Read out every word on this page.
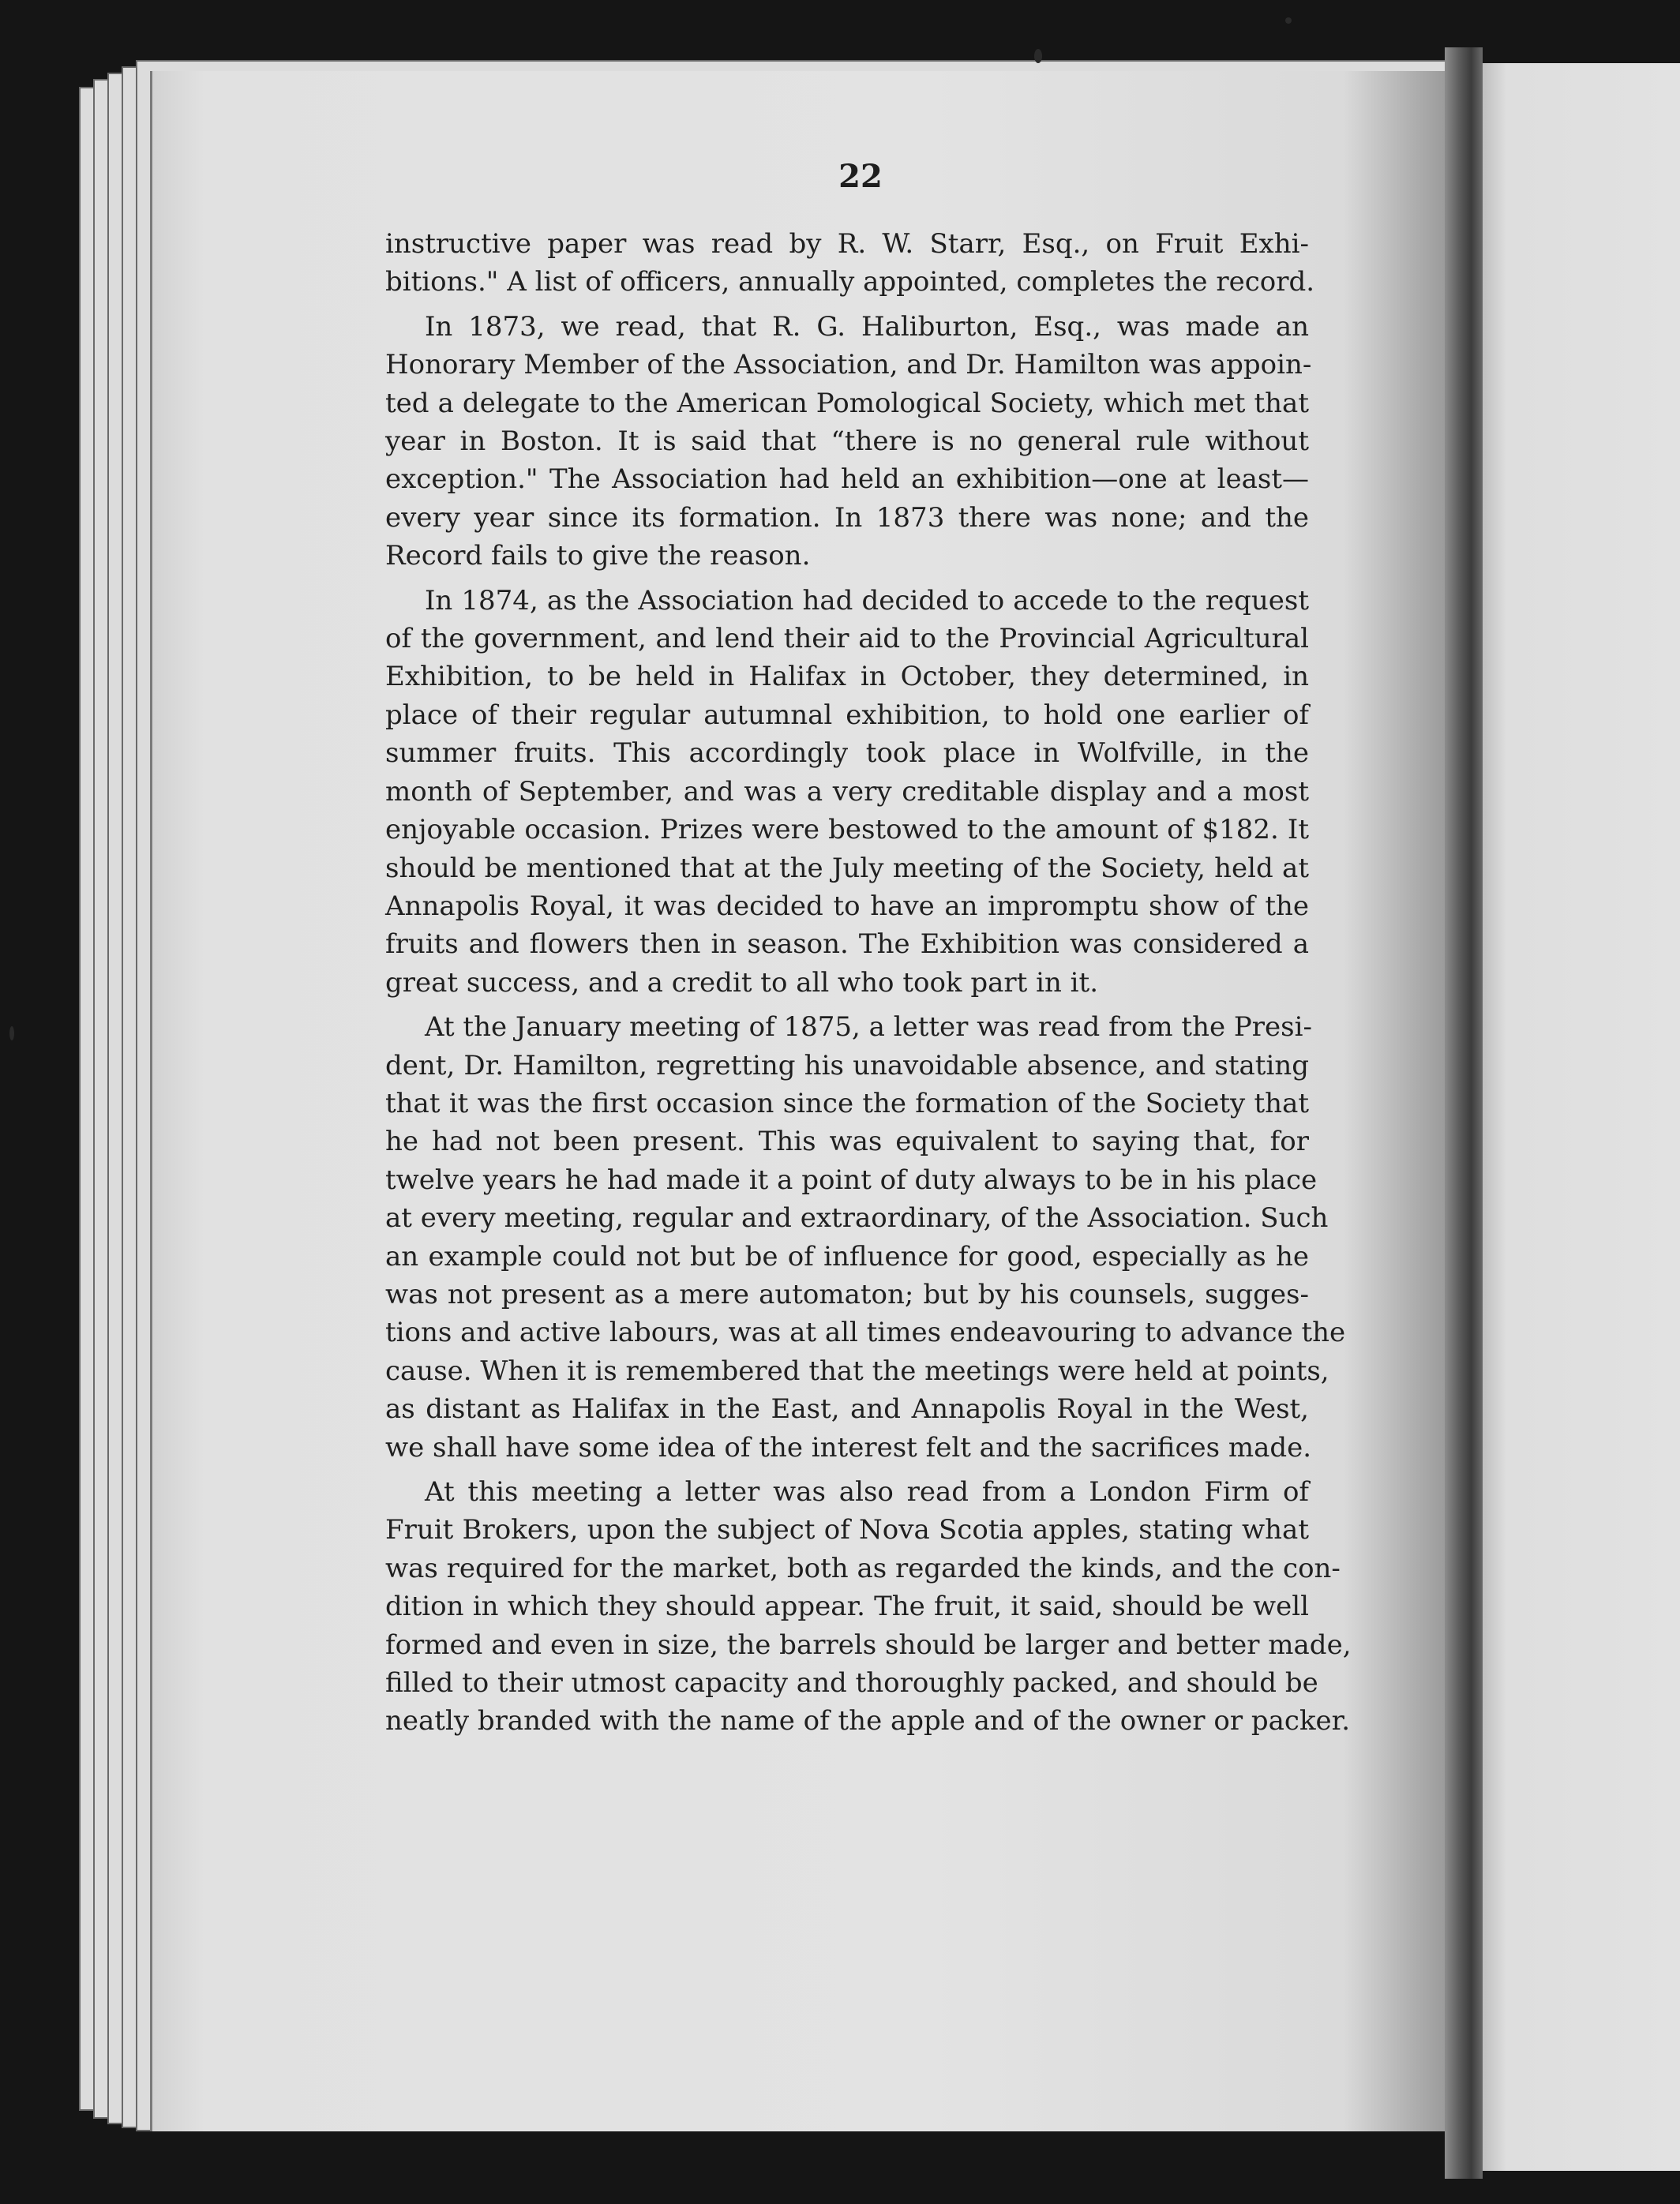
22
instructive paper was read by R. W. Starr, Esq., on Fruit Exhi-
bitions." A list of officers, annually appointed, completes the record.
In 1873, we read, that R. G. Haliburton, Esq., was made an
Honorary Member of the Association, and Dr. Hamilton was appoin-
ted a delegate to the American Pomological Society, which met that
year in Boston. It is said that “there is no general rule without
exception." The Association had held an exhibition—one at least—
every year since its formation. In 1873 there was none; and the
Record fails to give the reason.
In 1874, as the Association had decided to accede to the request
of the government, and lend their aid to the Provincial Agricultural
Exhibition, to be held in Halifax in October, they determined, in
place of their regular autumnal exhibition, to hold one earlier of
summer fruits. This accordingly took place in Wolfville, in the
month of September, and was a very creditable display and a most
enjoyable occasion. Prizes were bestowed to the amount of $182. It
should be mentioned that at the July meeting of the Society, held at
Annapolis Royal, it was decided to have an impromptu show of the
fruits and flowers then in season. The Exhibition was considered a
great success, and a credit to all who took part in it.
At the January meeting of 1875, a letter was read from the Presi-
dent, Dr. Hamilton, regretting his unavoidable absence, and stating
that it was the first occasion since the formation of the Society that
he had not been present. This was equivalent to saying that, for
twelve years he had made it a point of duty always to be in his place
at every meeting, regular and extraordinary, of the Association. Such
an example could not but be of influence for good, especially as he
was not present as a mere automaton; but by his counsels, sugges-
tions and active labours, was at all times endeavouring to advance the
cause. When it is remembered that the meetings were held at points,
as distant as Halifax in the East, and Annapolis Royal in the West,
we shall have some idea of the interest felt and the sacrifices made.
At this meeting a letter was also read from a London Firm of
Fruit Brokers, upon the subject of Nova Scotia apples, stating what
was required for the market, both as regarded the kinds, and the con-
dition in which they should appear. The fruit, it said, should be well
formed and even in size, the barrels should be larger and better made,
filled to their utmost capacity and thoroughly packed, and should be
neatly branded with the name of the apple and of the owner or packer.
